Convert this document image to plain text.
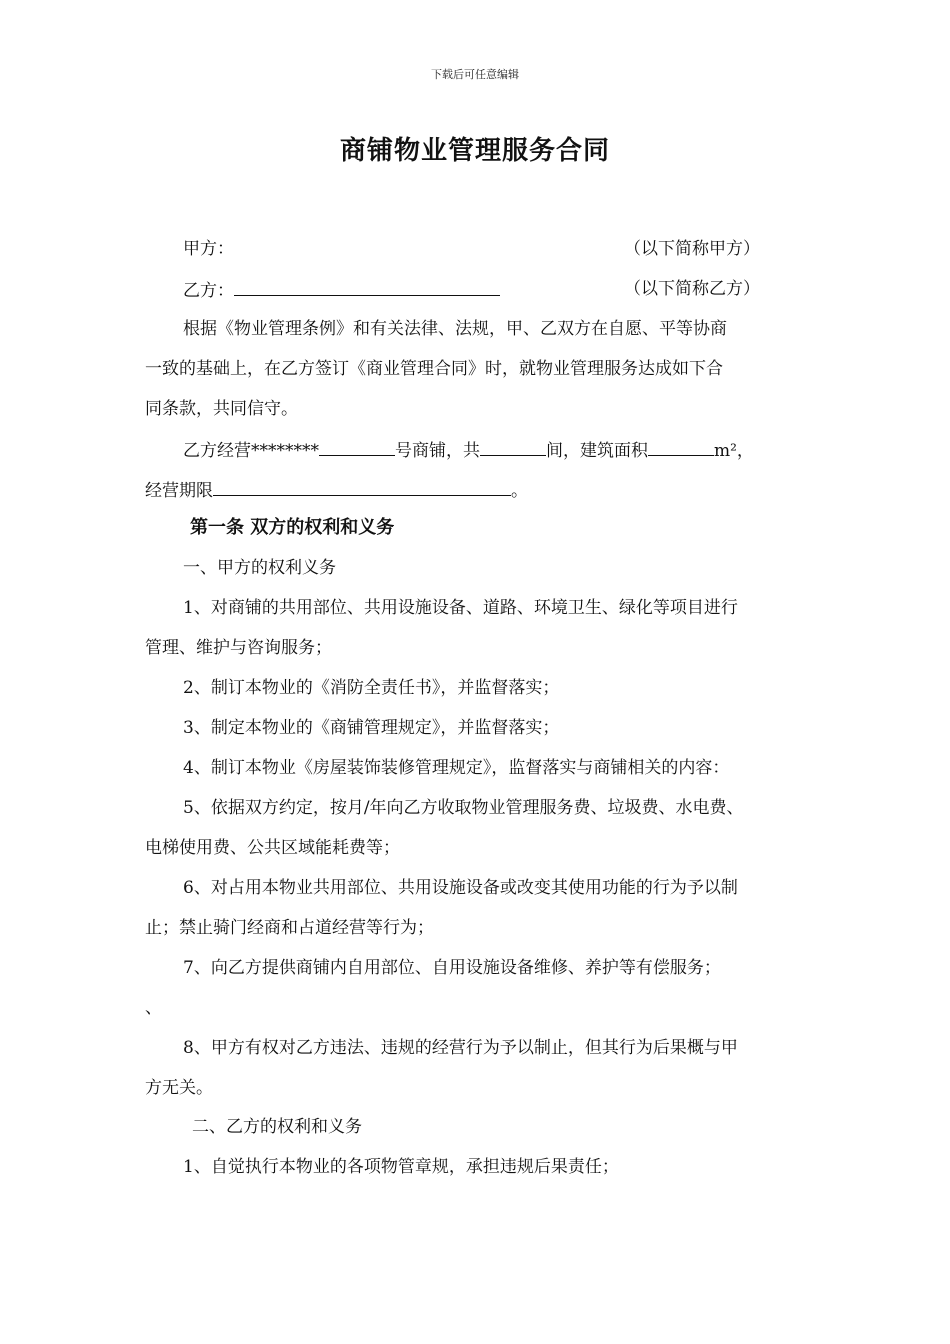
下载后可任意编辑
商铺物业管理服务合同
甲方：	（以下简称甲方）
乙方：	（以下简称乙方）
根据《物业管理条例》和有关法律、法规，甲、乙双方在自愿、平等协商
一致的基础上，在乙方签订《商业管理合同》时，就物业管理服务达成如下合
同条款，共同信守。
乙方经营********	号商铺，共	间，建筑面积	m²，
经营期限	。
第一条 双方的权利和义务
一、甲方的权利义务
1、对商铺的共用部位、共用设施设备、道路、环境卫生、绿化等项目进行
管理、维护与咨询服务；
2、制订本物业的《消防全责任书》，并监督落实；
3、制定本物业的《商铺管理规定》，并监督落实；
4、制订本物业《房屋装饰装修管理规定》，监督落实与商铺相关的内容：
5、依据双方约定，按月/年向乙方收取物业管理服务费、垃圾费、水电费、
电梯使用费、公共区域能耗费等；
6、对占用本物业共用部位、共用设施设备或改变其使用功能的行为予以制
止；禁止骑门经商和占道经营等行为；
7、向乙方提供商铺内自用部位、自用设施设备维修、养护等有偿服务；
、
8、甲方有权对乙方违法、违规的经营行为予以制止，但其行为后果概与甲
方无关。
二、乙方的权利和义务
1、自觉执行本物业的各项物管章规，承担违规后果责任；
